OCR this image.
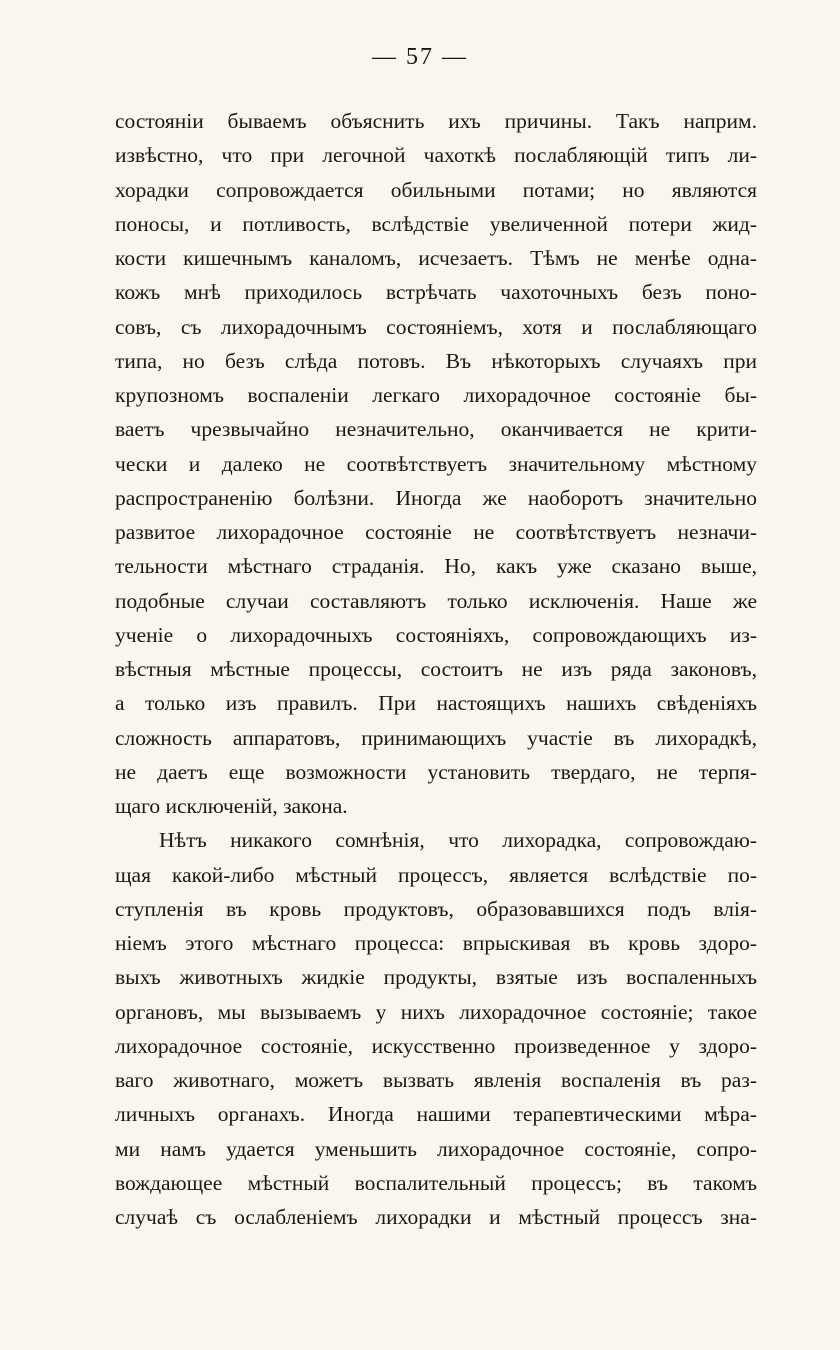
— 57 —
состояніи бываемъ объяснить ихъ причины. Такъ наприм.
извѣстно, что при легочной чахоткѣ послабляющій типъ ли-
хорадки сопровождается обильными потами; но являются
поносы, и потливость, вслѣдствіе увеличенной потери жид-
кости кишечнымъ каналомъ, исчезаетъ. Тѣмъ не менѣе одна-
кожъ мнѣ приходилось встрѣчать чахоточныхъ безъ поно-
совъ, съ лихорадочнымъ состояніемъ, хотя и послабляющаго
типа, но безъ слѣда потовъ. Въ нѣкоторыхъ случаяхъ при
крупозномъ воспаленіи легкаго лихорадочное состояніе бы-
ваетъ чрезвычайно незначительно, оканчивается не крити-
чески и далеко не соотвѣтствуетъ значительному мѣстному
распространенію болѣзни. Иногда же наоборотъ значительно
развитое лихорадочное состояніе не соотвѣтствуетъ незначи-
тельности мѣстнаго страданія. Но, какъ уже сказано выше,
подобные случаи составляютъ только исключенія. Наше же
ученіе о лихорадочныхъ состояніяхъ, сопровождающихъ из-
вѣстныя мѣстные процессы, состоитъ не изъ ряда законовъ,
а только изъ правилъ. При настоящихъ нашихъ свѣденіяхъ
сложность аппаратовъ, принимающихъ участіе въ лихорадкѣ,
не даетъ еще возможности установить твердаго, не терпя-
щаго исключеній, закона.
Нѣтъ никакого сомнѣнія, что лихорадка, сопровождаю-
щая какой-либо мѣстный процессъ, является вслѣдствіе по-
ступленія въ кровь продуктовъ, образовавшихся подъ влія-
ніемъ этого мѣстнаго процесса: впрыскивая въ кровь здоро-
выхъ животныхъ жидкіе продукты, взятые изъ воспаленныхъ
органовъ, мы вызываемъ у нихъ лихорадочное состояніе; такое
лихорадочное состояніе, искусственно произведенное у здоро-
ваго животнаго, можетъ вызвать явленія воспаленія въ раз-
личныхъ органахъ. Иногда нашими терапевтическими мѣра-
ми намъ удается уменьшить лихорадочное состояніе, сопро-
вождающее мѣстный воспалительный процессъ; въ такомъ
случаѣ съ ослабленіемъ лихорадки и мѣстный процессъ зна-
